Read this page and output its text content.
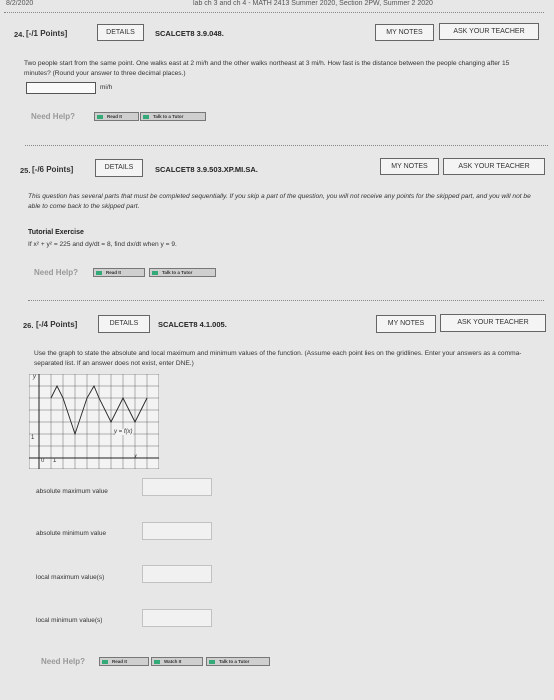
8/2/2020	lab ch 3 and ch 4 - MATH 2413 Summer 2020, Section 2PW, Summer 2 2020
24. [-/1 Points]	DETAILS	SCALCET8 3.9.048.	MY NOTES	ASK YOUR TEACHER
Two people start from the same point. One walks east at 2 mi/h and the other walks northeast at 3 mi/h. How fast is the distance between the people changing after 15 minutes? (Round your answer to three decimal places.)
mi/h
Need Help?	Read It	Talk to a Tutor
25. [-/6 Points]	DETAILS	SCALCET8 3.9.503.XP.MI.SA.	MY NOTES	ASK YOUR TEACHER
This question has several parts that must be completed sequentially. If you skip a part of the question, you will not receive any points for the skipped part, and you will not be able to come back to the skipped part.
Tutorial Exercise
If x² + y² = 225 and dy/dt = 8, find dx/dt when y = 9.
Need Help?	Read It	Talk to a Tutor
26. [-/4 Points]	DETAILS	SCALCET8 4.1.005.	MY NOTES	ASK YOUR TEACHER
Use the graph to state the absolute and local maximum and minimum values of the function. (Assume each point lies on the gridlines. Enter your answers as a comma-separated list. If an answer does not exist, enter DNE.)
y
x
y = f(x)
1
0 1
absolute maximum value
absolute minimum value
local maximum value(s)
local minimum value(s)
Need Help?	Read It	Watch It	Talk to a Tutor
